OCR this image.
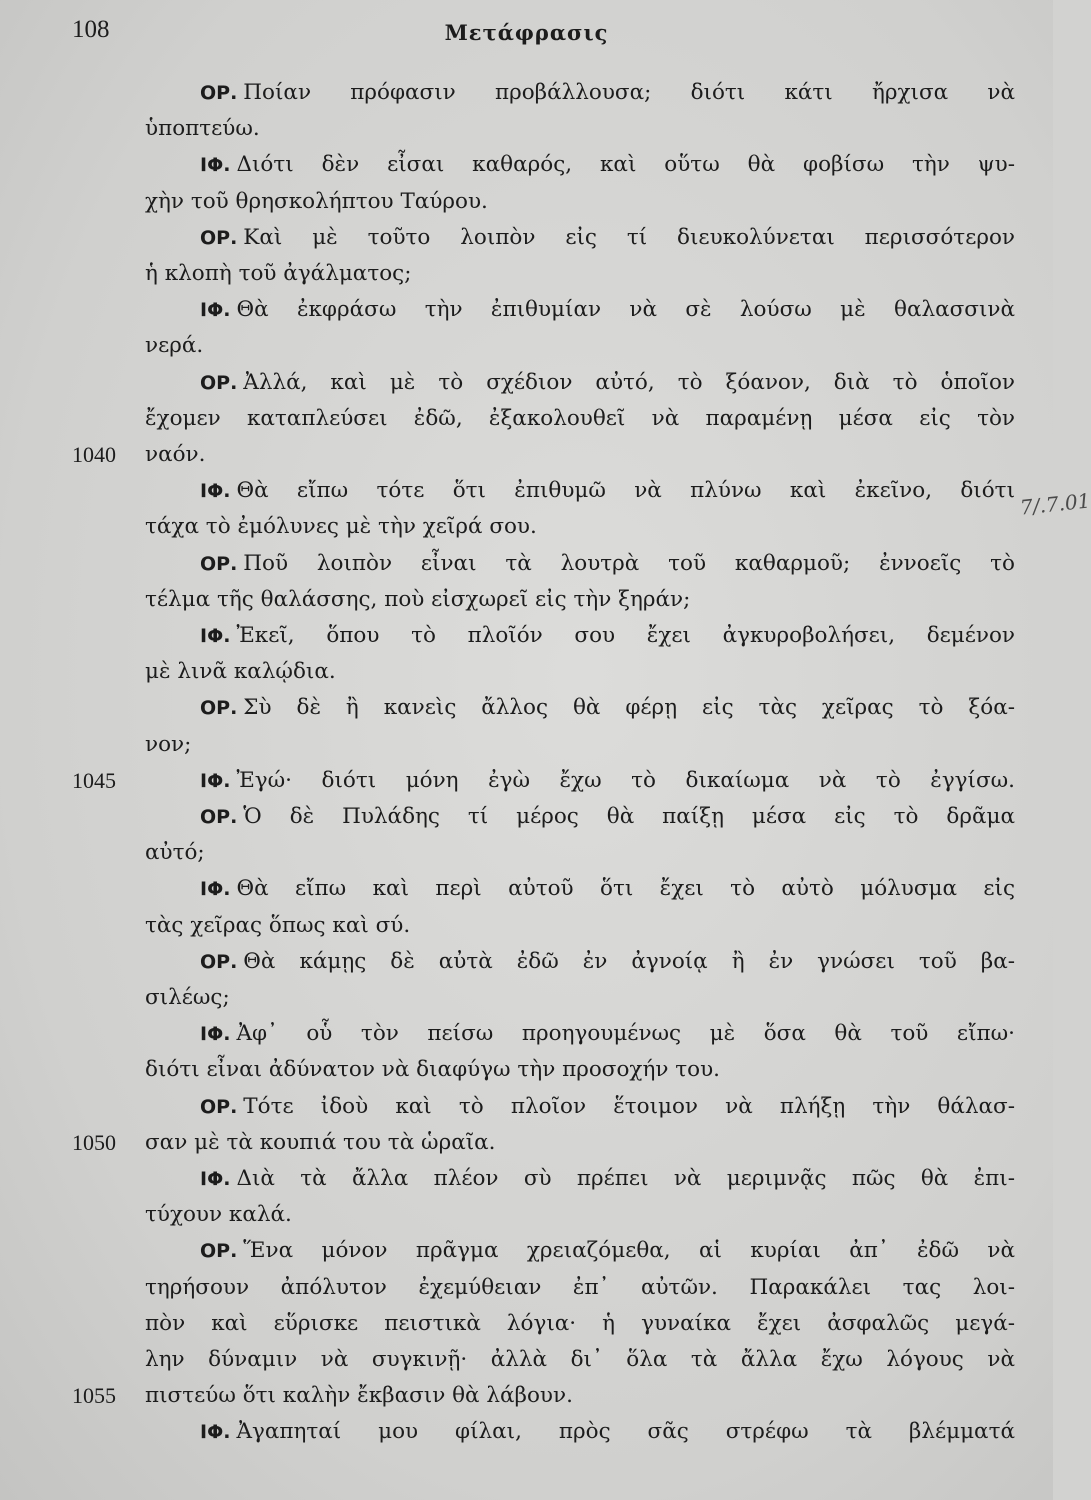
108	Μετάφρασις
ΟΡ. Ποίαν πρόφασιν προβάλλουσα; διότι κάτι ἤρχισα νὰ
ὑποπτεύω.
ΙΦ. Διότι δὲν εἶσαι καθαρός, καὶ οὕτω θὰ φοβίσω τὴν ψυ-
χὴν τοῦ θρησκολήπτου Ταύρου.
ΟΡ. Καὶ μὲ τοῦτο λοιπὸν εἰς τί διευκολύνεται περισσότερον
ἡ κλοπὴ τοῦ ἀγάλματος;
ΙΦ. Θὰ ἐκφράσω τὴν ἐπιθυμίαν νὰ σὲ λούσω μὲ θαλασσινὰ
νερά.
ΟΡ. Ἀλλά, καὶ μὲ τὸ σχέδιον αὐτό, τὸ ξόανον, διὰ τὸ ὁποῖον
ἔχομεν καταπλεύσει ἐδῶ, ἐξακολουθεῖ νὰ παραμένῃ μέσα εἰς τὸν
ναόν.
1040
ΙΦ. Θὰ εἴπω τότε ὅτι ἐπιθυμῶ νὰ πλύνω καὶ ἐκεῖνο, διότι
τάχα τὸ ἐμόλυνες μὲ τὴν χεῖρά σου.
ΟΡ. Ποῦ λοιπὸν εἶναι τὰ λουτρὰ τοῦ καθαρμοῦ; ἐννοεῖς τὸ
τέλμα τῆς θαλάσσης, ποὺ εἰσχωρεῖ εἰς τὴν ξηράν;
ΙΦ. Ἐκεῖ, ὅπου τὸ πλοῖόν σου ἔχει ἀγκυροβολήσει, δεμένον
μὲ λινᾶ καλῴδια.
ΟΡ. Σὺ δὲ ἢ κανεὶς ἄλλος θὰ φέρῃ εἰς τὰς χεῖρας τὸ ξόα-
νον;
ΙΦ. Ἐγώ· διότι μόνη ἐγὼ ἔχω τὸ δικαίωμα νὰ τὸ ἐγγίσω.
1045
ΟΡ. Ὁ δὲ Πυλάδης τί μέρος θὰ παίξῃ μέσα εἰς τὸ δρᾶμα
αὐτό;
ΙΦ. Θὰ εἴπω καὶ περὶ αὐτοῦ ὅτι ἔχει τὸ αὐτὸ μόλυσμα εἰς
τὰς χεῖρας ὅπως καὶ σύ.
ΟΡ. Θὰ κάμῃς δὲ αὐτὰ ἐδῶ ἐν ἀγνοίᾳ ἢ ἐν γνώσει τοῦ βα-
σιλέως;
ΙΦ. Ἀφ᾽ οὗ τὸν πείσω προηγουμένως μὲ ὅσα θὰ τοῦ εἴπω·
διότι εἶναι ἀδύνατον νὰ διαφύγω τὴν προσοχήν του.
ΟΡ. Τότε ἰδοὺ καὶ τὸ πλοῖον ἕτοιμον νὰ πλήξῃ τὴν θάλασ-
σαν μὲ τὰ κουπιά του τὰ ὡραῖα.
1050
ΙΦ. Διὰ τὰ ἄλλα πλέον σὺ πρέπει νὰ μεριμνᾷς πῶς θὰ ἐπι-
τύχουν καλά.
ΟΡ. Ἕνα μόνον πρᾶγμα χρειαζόμεθα, αἱ κυρίαι ἀπ᾽ ἐδῶ νὰ
τηρήσουν ἀπόλυτον ἐχεμύθειαν ἐπ᾽ αὐτῶν. Παρακάλει τας λοι-
πὸν καὶ εὕρισκε πειστικὰ λόγια· ἡ γυναίκα ἔχει ἀσφαλῶς μεγά-
λην δύναμιν νὰ συγκινῇ· ἀλλὰ δι᾽ ὅλα τὰ ἄλλα ἔχω λόγους νὰ
πιστεύω ὅτι καλὴν ἔκβασιν θὰ λάβουν.
1055
ΙΦ. Ἀγαπηταί μου φίλαι, πρὸς σᾶς στρέφω τὰ βλέμματά
7/.7.01
